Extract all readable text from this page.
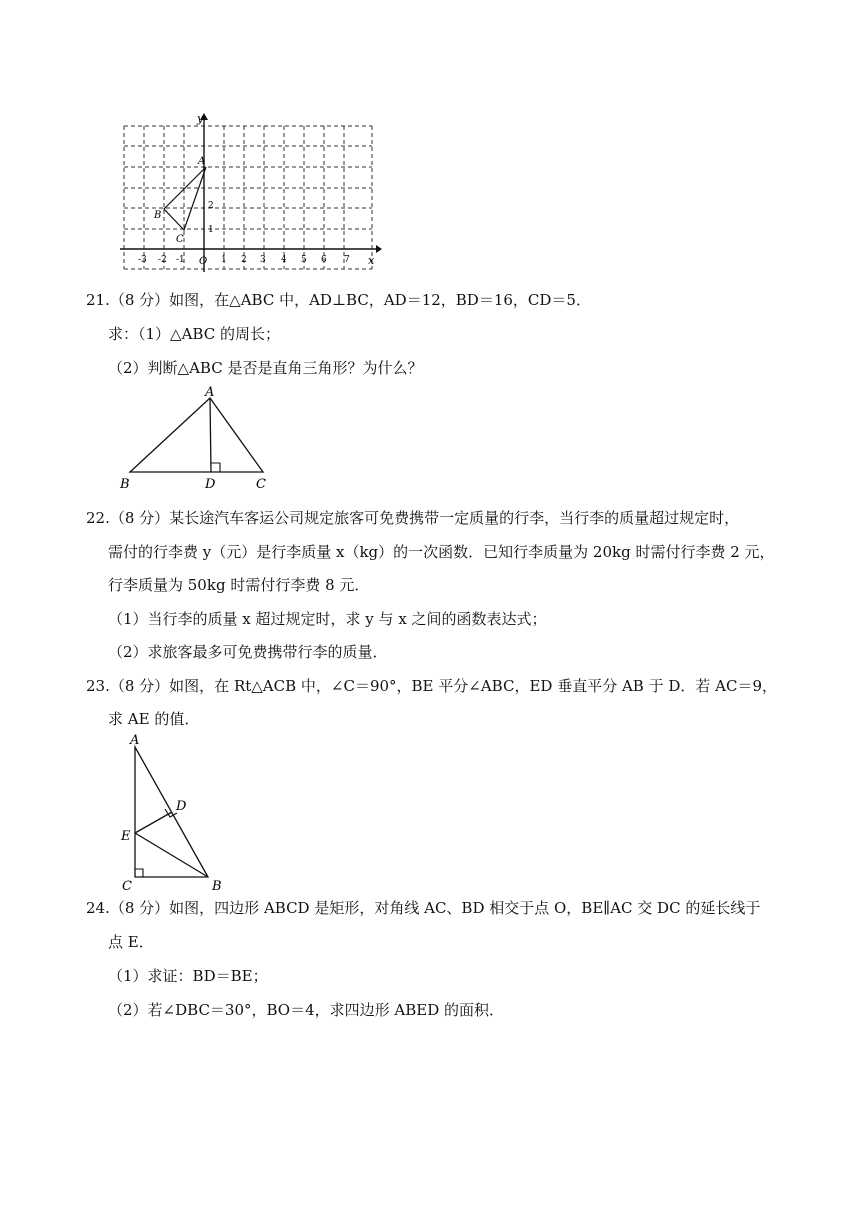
x
y
O
A
B
C
2
1
-3 -2 -1	1 2 3 4 5 6 7
21.（8 分）如图，在△ABC 中，AD⊥BC，AD＝12，BD＝16，CD＝5．
求：（1）△ABC 的周长；
（2）判断△ABC 是否是直角三角形？为什么？
A
B	D	C
22.（8 分）某长途汽车客运公司规定旅客可免费携带一定质量的行李，当行李的质量超过规定时，
需付的行李费 y（元）是行李质量 x（kg）的一次函数．已知行李质量为 20kg 时需付行李费 2 元，
行李质量为 50kg 时需付行李费 8 元．
（1）当行李的质量 x 超过规定时，求 y 与 x 之间的函数表达式；
（2）求旅客最多可免费携带行李的质量．
23.（8 分）如图，在 Rt△ACB 中，∠C＝90°，BE 平分∠ABC，ED 垂直平分 AB 于 D．若 AC＝9，
求 AE 的值．
A
D
E
C	B
24.（8 分）如图，四边形 ABCD 是矩形，对角线 AC、BD 相交于点 O，BE∥AC 交 DC 的延长线于
点 E．
（1）求证：BD＝BE；
（2）若∠DBC＝30°，BO＝4，求四边形 ABED 的面积．
